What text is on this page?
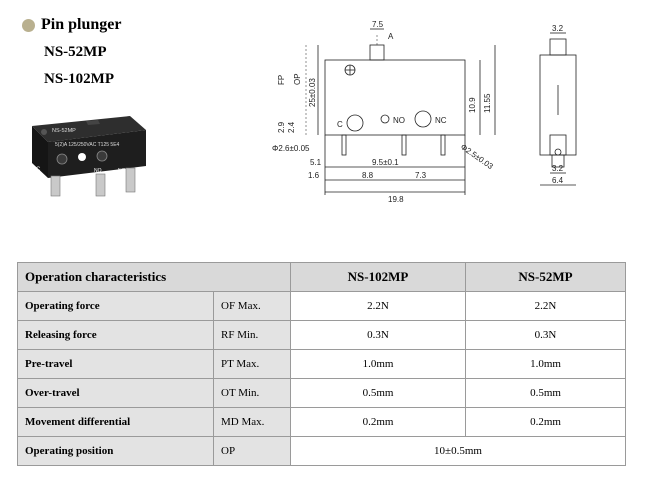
Pin plunger
NS-52MP
NS-102MP
NS-52MP
5(2)A 125/250VAC T125 5E4
C	NO	NC
7.5
A
FP OP 25±0.03	10.9 11.55
2.9 2.4
Φ2.6±0.05
C	NO	NC
Φ2.5±0.03
5.1	9.5±0.1
1.6	8.8	7.3
19.8
3.2
3.2
6.4
Operation characteristics		NS-102MP	NS-52MP
Operating force	OF Max.	2.2N	2.2N
Releasing force	RF Min.	0.3N	0.3N
Pre-travel	PT Max.	1.0mm	1.0mm
Over-travel	OT Min.	0.5mm	0.5mm
Movement differential	MD Max.	0.2mm	0.2mm
Operating position	OP	10±0.5mm	
